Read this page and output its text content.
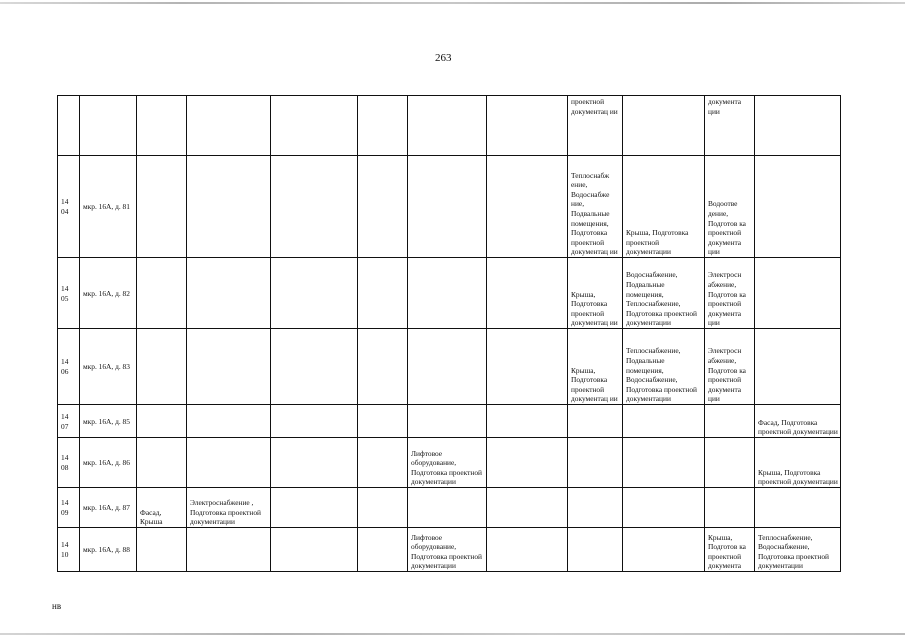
263
								проектной документац ии		документа ции	
14 04	мкр. 16А, д. 81							Теплоснабж ение, Водоснабже ние, Подвальные помещения, Подготовка проектной документац ии	Крыша, Подготовка проектной документации	Водоотве дение, Подготов ка проектной документа ции	
14 05	мкр. 16А, д. 82							Крыша, Подготовка проектной документац ии	Водоснабжение, Подвальные помещения, Теплоснабжение, Подготовка проектной документации	Электросн абжение, Подготов ка проектной документа ции	
14 06	мкр. 16А, д. 83							Крыша, Подготовка проектной документац ии	Теплоснабжение, Подвальные помещения, Водоснабжение, Подготовка проектной документации	Электросн абжение, Подготов ка проектной документа ции	
14 07	мкр. 16А, д. 85										Фасад, Подготовка проектной документации
14 08	мкр. 16А, д. 86					Лифтовое оборудование, Подготовка проектной документации					Крыша, Подготовка проектной документации
14 09	мкр. 16А, д. 87	Фасад, Крыша	Электроснабжение , Подготовка проектной документации								
14 10	мкр. 16А, д. 88					Лифтовое оборудование, Подготовка проектной документации				Крыша, Подготов ка проектной документа	Теплоснабжение, Водоснабжение, Подготовка проектной документации
нв
